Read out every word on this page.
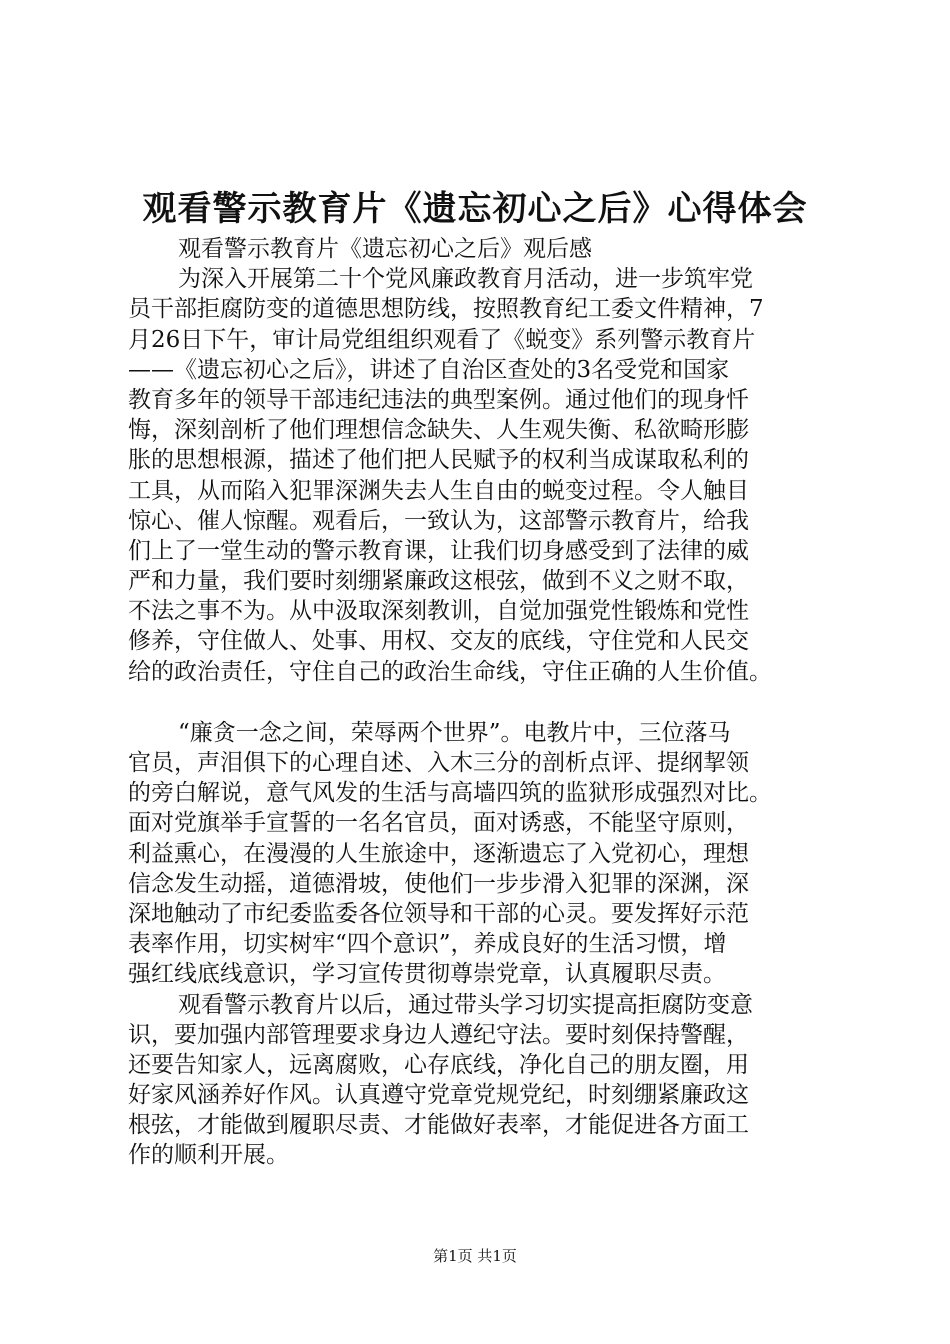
观看警示教育片《遗忘初心之后》心得体会
观看警示教育片《遗忘初心之后》观后感
为深入开展第二十个党风廉政教育月活动，进一步筑牢党
员干部拒腐防变的道德思想防线，按照教育纪工委文件精神，7
月26日下午，审计局党组组织观看了《蜕变》系列警示教育片
——《遗忘初心之后》，讲述了自治区查处的3名受党和国家
教育多年的领导干部违纪违法的典型案例。通过他们的现身忏
悔，深刻剖析了他们理想信念缺失、人生观失衡、私欲畸形膨
胀的思想根源，描述了他们把人民赋予的权利当成谋取私利的
工具，从而陷入犯罪深渊失去人生自由的蜕变过程。令人触目
惊心、催人惊醒。观看后，一致认为，这部警示教育片，给我
们上了一堂生动的警示教育课，让我们切身感受到了法律的威
严和力量，我们要时刻绷紧廉政这根弦，做到不义之财不取，
不法之事不为。从中汲取深刻教训，自觉加强党性锻炼和党性
修养，守住做人、处事、用权、交友的底线，守住党和人民交
给的政治责任，守住自己的政治生命线，守住正确的人生价值。
“廉贪一念之间，荣辱两个世界”。电教片中，三位落马
官员，声泪俱下的心理自述、入木三分的剖析点评、提纲挈领
的旁白解说，意气风发的生活与高墙四筑的监狱形成强烈对比。
面对党旗举手宣誓的一名名官员，面对诱惑，不能坚守原则，
利益熏心，在漫漫的人生旅途中，逐渐遗忘了入党初心，理想
信念发生动摇，道德滑坡，使他们一步步滑入犯罪的深渊，深
深地触动了市纪委监委各位领导和干部的心灵。要发挥好示范
表率作用，切实树牢“四个意识”，养成良好的生活习惯，增
强红线底线意识，学习宣传贯彻尊崇党章，认真履职尽责。
观看警示教育片以后，通过带头学习切实提高拒腐防变意
识，要加强内部管理要求身边人遵纪守法。要时刻保持警醒，
还要告知家人，远离腐败，心存底线，净化自己的朋友圈，用
好家风涵养好作风。认真遵守党章党规党纪，时刻绷紧廉政这
根弦，才能做到履职尽责、才能做好表率，才能促进各方面工
作的顺利开展。
第1页 共1页
